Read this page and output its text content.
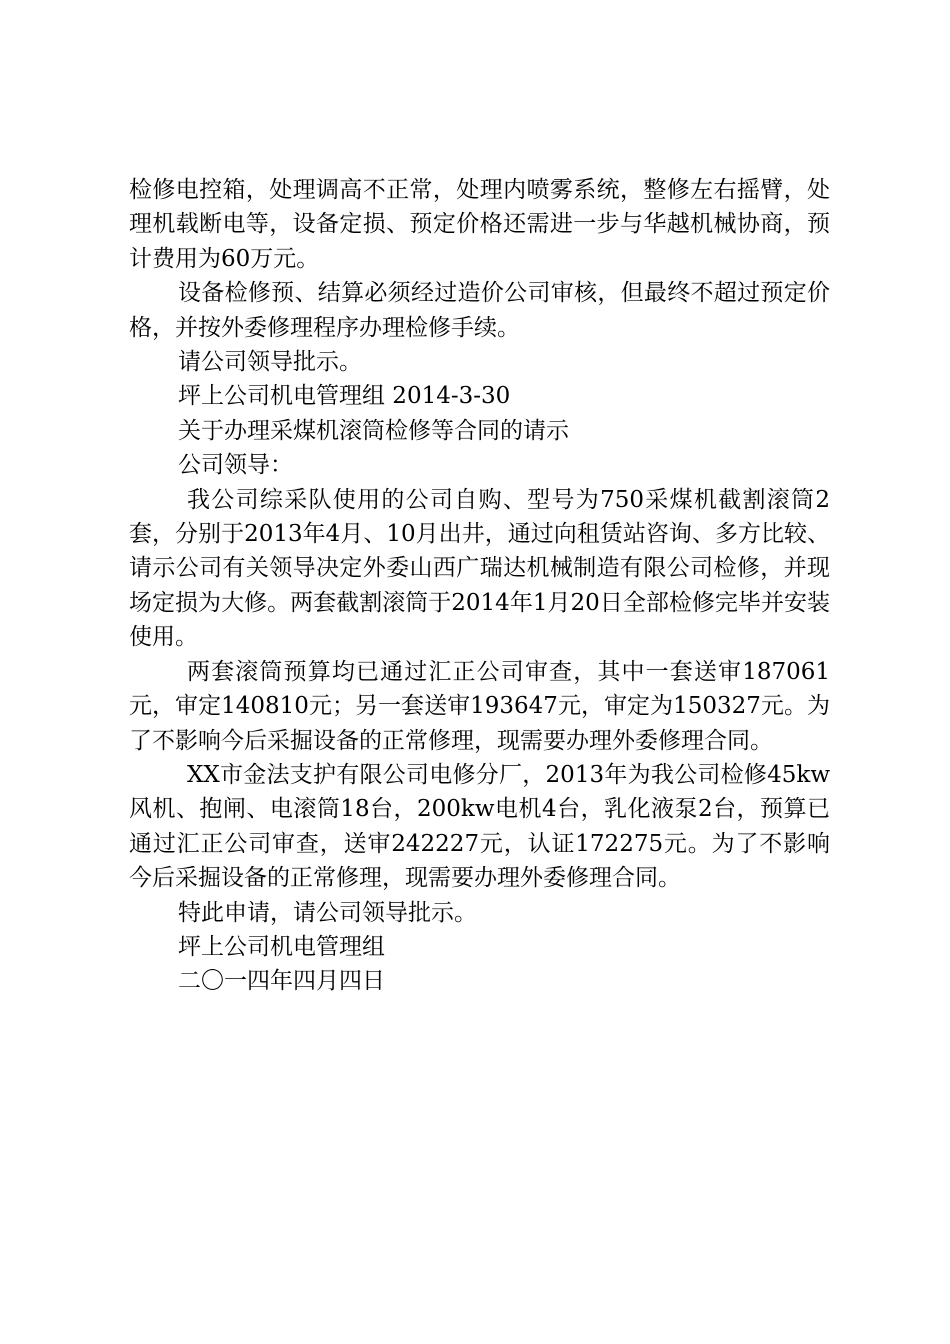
检修电控箱，处理调高不正常，处理内喷雾系统，整修左右摇臂，处理机载断电等，设备定损、预定价格还需进一步与华越机械协商，预计费用为60万元。

设备检修预、结算必须经过造价公司审核，但最终不超过预定价格，并按外委修理程序办理检修手续。

请公司领导批示。

坪上公司机电管理组 2014-3-30

关于办理采煤机滚筒检修等合同的请示

公司领导：

我公司综采队使用的公司自购、型号为750采煤机截割滚筒2套，分别于2013年4月、10月出井，通过向租赁站咨询、多方比较、请示公司有关领导决定外委山西广瑞达机械制造有限公司检修，并现场定损为大修。两套截割滚筒于2014年1月20日全部检修完毕并安装使用。

两套滚筒预算均已通过汇正公司审查，其中一套送审187061元，审定140810元；另一套送审193647元，审定为150327元。为了不影响今后采掘设备的正常修理，现需要办理外委修理合同。

XX市金法支护有限公司电修分厂，2013年为我公司检修45kw风机、抱闸、电滚筒18台，200kw电机4台，乳化液泵2台，预算已通过汇正公司审查，送审242227元，认证172275元。为了不影响今后采掘设备的正常修理，现需要办理外委修理合同。

特此申请，请公司领导批示。

坪上公司机电管理组

二〇一四年四月四日
